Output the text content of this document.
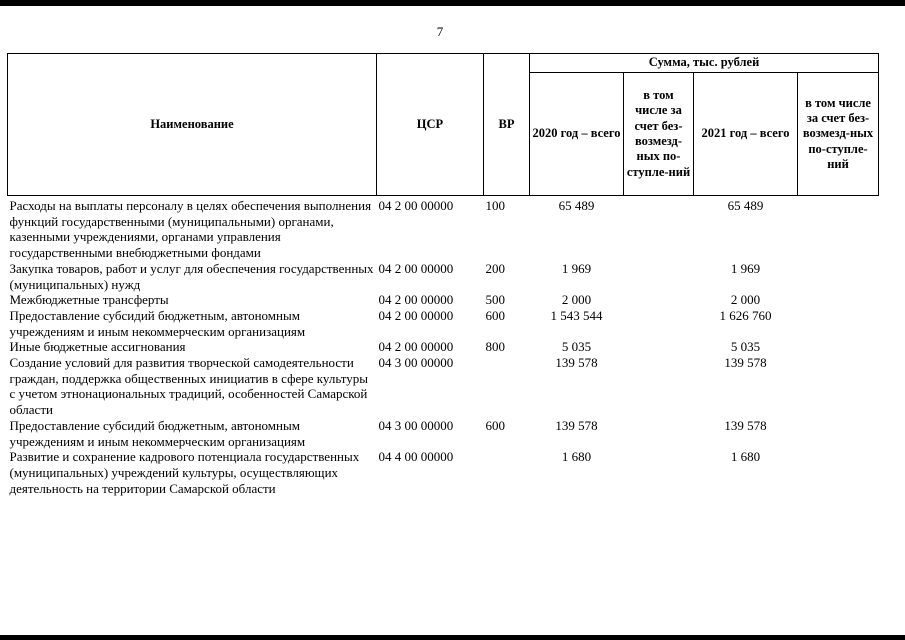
7
Наименование	ЦСР	ВР	Сумма, тыс. рублей			
			2020 год – всего	в том числе за счет без-возмезд-ных по-ступле-ний	2021 год – всего	в том числе за счет без-возмезд-ных по-ступле-ний
Расходы на выплаты персоналу в целях обеспечения выполнения функций государственными (муниципальными) органами, казенными учреждениями, органами управления государственными внебюджетными фондами	04 2 00 00000	100	65 489		65 489	
Закупка товаров, работ и услуг для обеспечения государственных (муниципальных) нужд	04 2 00 00000	200	1 969		1 969	
Межбюджетные трансферты	04 2 00 00000	500	2 000		2 000	
Предоставление субсидий бюджетным, автономным учреждениям и иным некоммерческим организациям	04 2 00 00000	600	1 543 544		1 626 760	
Иные бюджетные ассигнования	04 2 00 00000	800	5 035		5 035	
Создание условий для развития творческой самодеятельности граждан, поддержка общественных инициатив в сфере культуры с учетом этнонациональных традиций, особенностей Самарской области	04 3 00 00000		139 578		139 578	
Предоставление субсидий бюджетным, автономным учреждениям и иным некоммерческим организациям	04 3 00 00000	600	139 578		139 578	
Развитие и сохранение кадрового потенциала государственных (муниципальных) учреждений культуры, осуществляющих деятельность на территории Самарской области	04 4 00 00000		1 680		1 680	
